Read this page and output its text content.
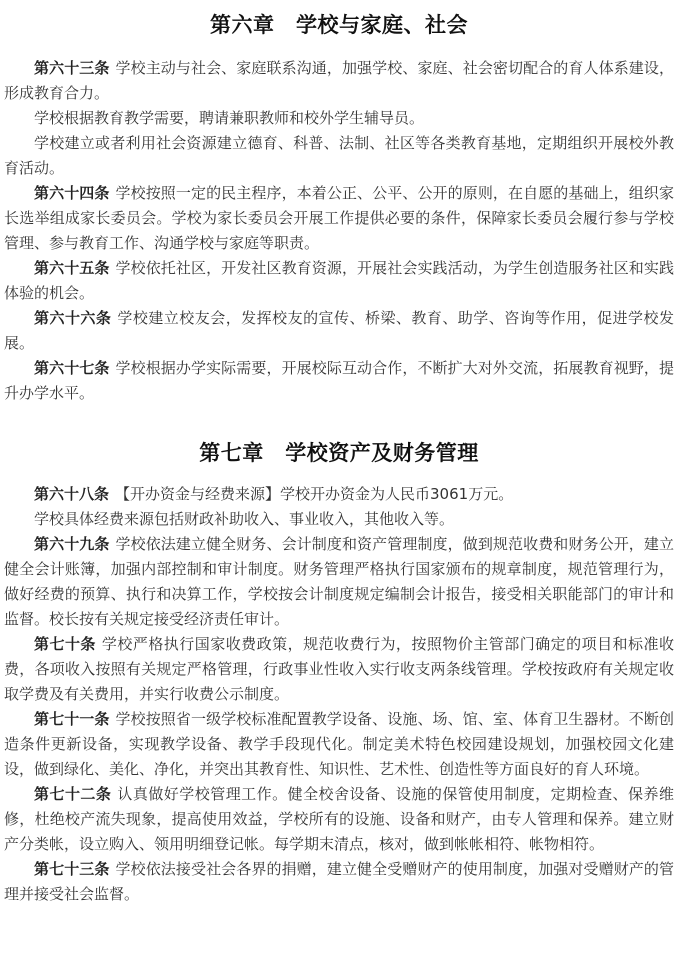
第六章　学校与家庭、社会

第六十三条 学校主动与社会、家庭联系沟通，加强学校、家庭、社会密切配合的育人体系建设，形成教育合力。

学校根据教育教学需要，聘请兼职教师和校外学生辅导员。

学校建立或者利用社会资源建立德育、科普、法制、社区等各类教育基地，定期组织开展校外教育活动。

第六十四条 学校按照一定的民主程序，本着公正、公平、公开的原则，在自愿的基础上，组织家长选举组成家长委员会。学校为家长委员会开展工作提供必要的条件，保障家长委员会履行参与学校管理、参与教育工作、沟通学校与家庭等职责。

第六十五条 学校依托社区，开发社区教育资源，开展社会实践活动，为学生创造服务社区和实践体验的机会。

第六十六条 学校建立校友会，发挥校友的宣传、桥梁、教育、助学、咨询等作用，促进学校发展。

第六十七条 学校根据办学实际需要，开展校际互动合作，不断扩大对外交流，拓展教育视野，提升办学水平。

第七章　学校资产及财务管理

第六十八条 【开办资金与经费来源】学校开办资金为人民币3061万元。

学校具体经费来源包括财政补助收入、事业收入，其他收入等。

第六十九条 学校依法建立健全财务、会计制度和资产管理制度，做到规范收费和财务公开，建立健全会计账簿，加强内部控制和审计制度。财务管理严格执行国家颁布的规章制度，规范管理行为，做好经费的预算、执行和决算工作，学校按会计制度规定编制会计报告，接受相关职能部门的审计和监督。校长按有关规定接受经济责任审计。

第七十条 学校严格执行国家收费政策，规范收费行为，按照物价主管部门确定的项目和标准收费，各项收入按照有关规定严格管理，行政事业性收入实行收支两条线管理。学校按政府有关规定收取学费及有关费用，并实行收费公示制度。

第七十一条 学校按照省一级学校标准配置教学设备、设施、场、馆、室、体育卫生器材。不断创造条件更新设备，实现教学设备、教学手段现代化。制定美术特色校园建设规划，加强校园文化建设，做到绿化、美化、净化，并突出其教育性、知识性、艺术性、创造性等方面良好的育人环境。

第七十二条 认真做好学校管理工作。健全校舍设备、设施的保管使用制度，定期检查、保养维修，杜绝校产流失现象，提高使用效益，学校所有的设施、设备和财产，由专人管理和保养。建立财产分类帐，设立购入、领用明细登记帐。每学期末清点，核对，做到帐帐相符、帐物相符。

第七十三条 学校依法接受社会各界的捐赠，建立健全受赠财产的使用制度，加强对受赠财产的管理并接受社会监督。
